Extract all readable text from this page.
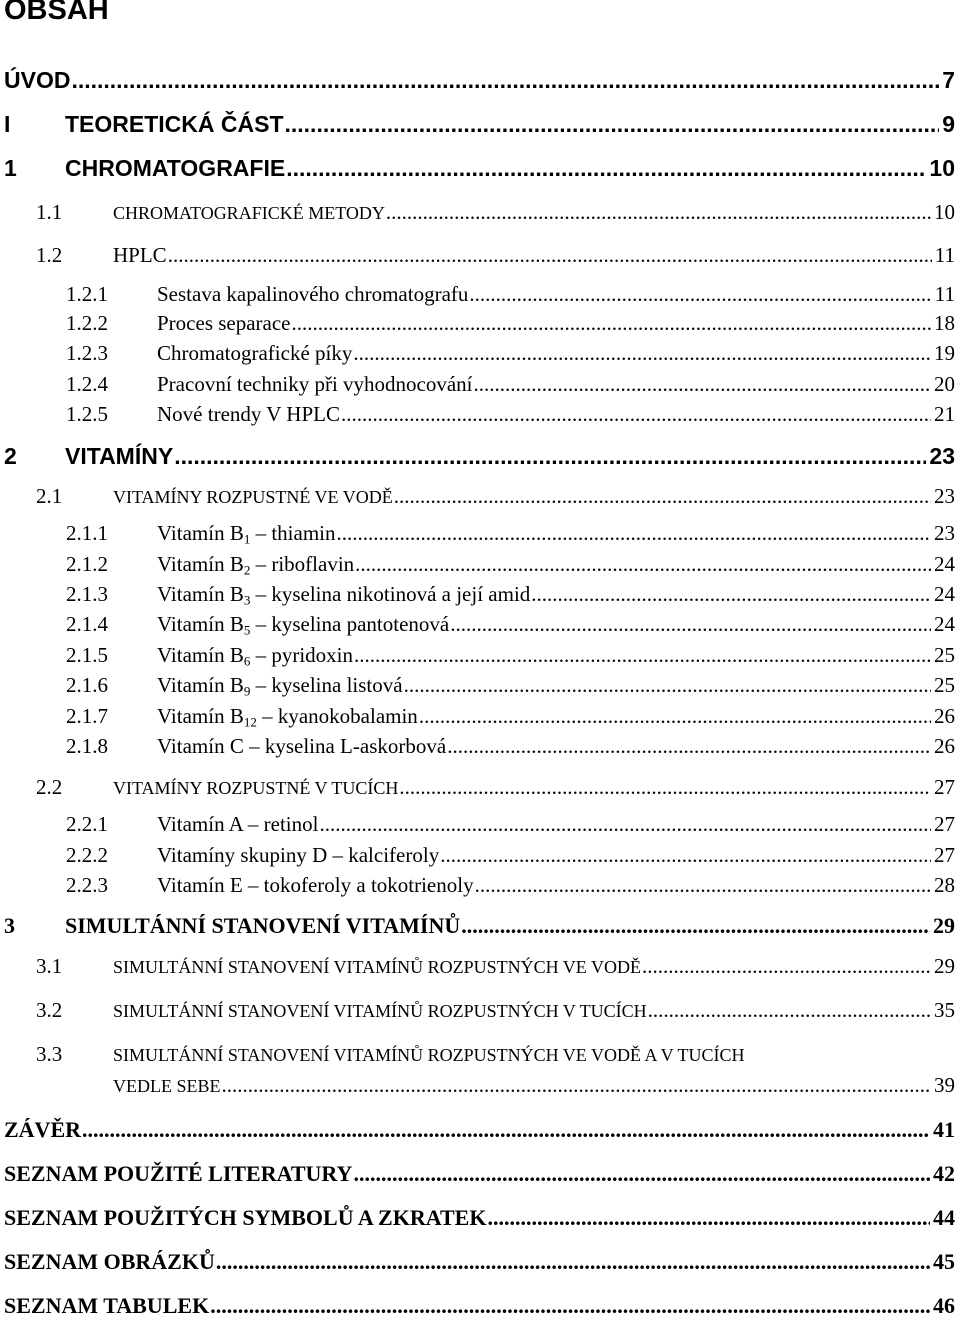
OBSAH
ÚVOD .....	7
I	TEORETICKÁ ČÁST .....	9
1	CHROMATOGRAFIE .....	10
1.1	CHROMATOGRAFICKÉ METODY .....	10
1.2	HPLC .....	11
1.2.1	Sestava kapalinového chromatografu .....	11
1.2.2	Proces separace .....	18
1.2.3	Chromatografické píky .....	19
1.2.4	Pracovní techniky při vyhodnocování .....	20
1.2.5	Nové trendy V HPLC .....	21
2	VITAMÍNY .....	23
2.1	VITAMÍNY ROZPUSTNÉ VE VODĚ .....	23
2.1.1	Vitamín $B_1$ – thiamin .....	23
2.1.2	Vitamín $B_2$ – riboflavin .....	24
2.1.3	Vitamín $B_3$ – kyselina nikotinová a její amid .....	24
2.1.4	Vitamín $B_5$ – kyselina pantotenová .....	24
2.1.5	Vitamín $B_6$ – pyridoxin .....	25
2.1.6	Vitamín $B_9$ – kyselina listová .....	25
2.1.7	Vitamín $B_{12}$ – kyanokobalamin .....	26
2.1.8	Vitamín C – kyselina L-askorbová .....	26
2.2	VITAMÍNY ROZPUSTNÉ V TUCÍCH .....	27
2.2.1	Vitamín A – retinol .....	27
2.2.2	Vitamíny skupiny D – kalciferoly .....	27
2.2.3	Vitamín E – tokoferoly a tokotrienoly .....	28
3	SIMULTÁNNÍ STANOVENÍ VITAMÍNŮ .....	29
3.1	SIMULTÁNNÍ STANOVENÍ VITAMÍNŮ ROZPUSTNÝCH VE VODĚ .....	29
3.2	SIMULTÁNNÍ STANOVENÍ VITAMÍNŮ ROZPUSTNÝCH V TUCÍCH .....	35
3.3	SIMULTÁNNÍ STANOVENÍ VITAMÍNŮ ROZPUSTNÝCH VE VODĚ A V TUCÍCH
VEDLE SEBE .....	39
ZÁVĚR .....	41
SEZNAM POUŽITÉ LITERATURY .....	42
SEZNAM POUŽITÝCH SYMBOLŮ A ZKRATEK .....	44
SEZNAM OBRÁZKŮ .....	45
SEZNAM TABULEK .....	46
